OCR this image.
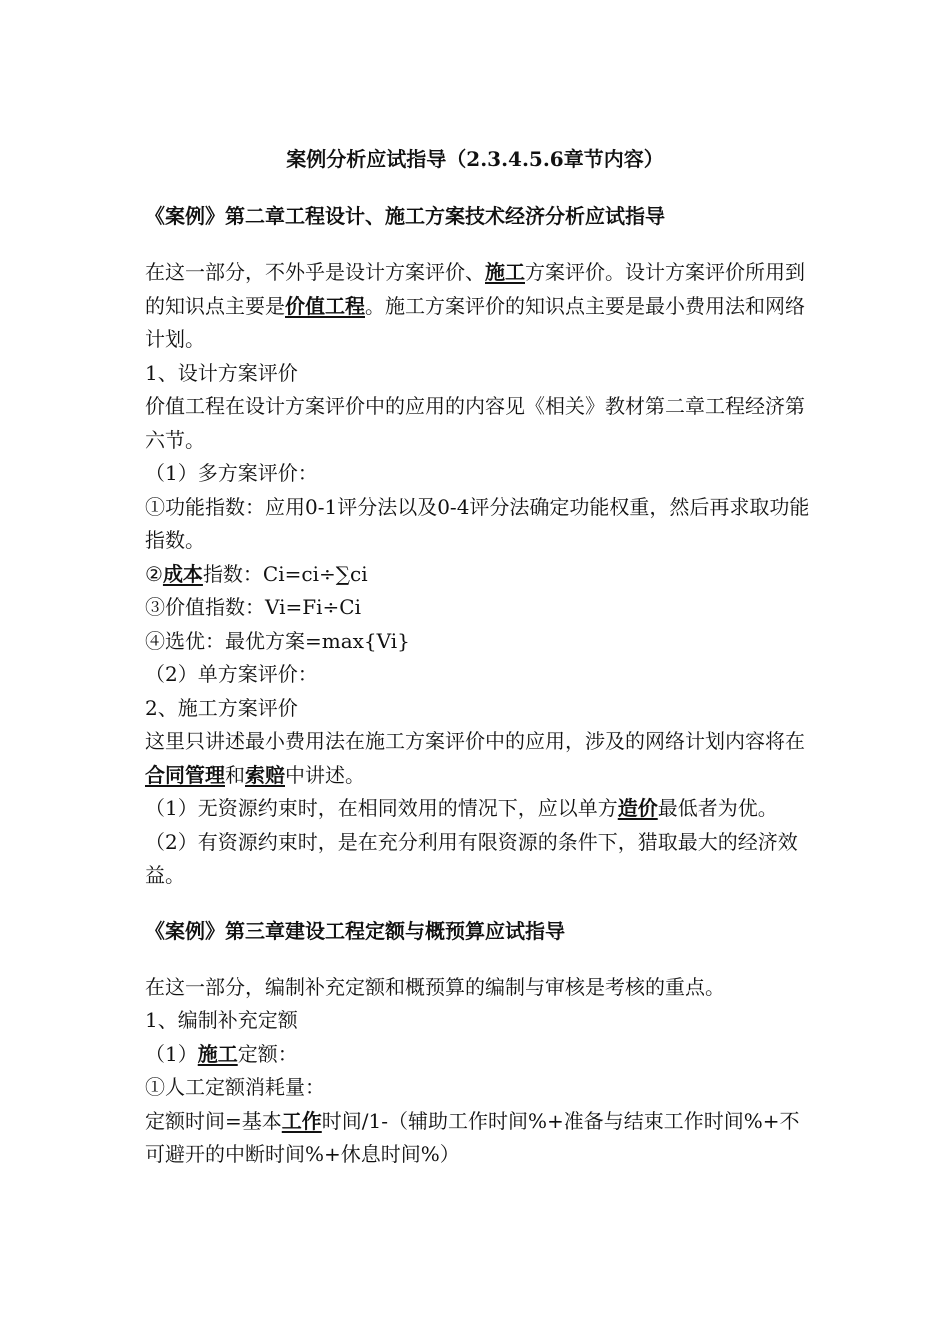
案例分析应试指导（2.3.4.5.6章节内容）
《案例》第二章工程设计、施工方案技术经济分析应试指导

在这一部分，不外乎是设计方案评价、施工方案评价。设计方案评价所用到的知识点主要是价值工程。施工方案评价的知识点主要是最小费用法和网络计划。

1、设计方案评价

价值工程在设计方案评价中的应用的内容见《相关》教材第二章工程经济第六节。

（1）多方案评价：

①功能指数：应用0-1评分法以及0-4评分法确定功能权重，然后再求取功能指数。

②成本指数：Ci=ci÷∑ci

③价值指数：Vi=Fi÷Ci

④选优：最优方案=max{Vi}

（2）单方案评价：

2、施工方案评价

这里只讲述最小费用法在施工方案评价中的应用，涉及的网络计划内容将在合同管理和索赔中讲述。

（1）无资源约束时，在相同效用的情况下，应以单方造价最低者为优。

（2）有资源约束时，是在充分利用有限资源的条件下，猎取最大的经济效益。

《案例》第三章建设工程定额与概预算应试指导

在这一部分，编制补充定额和概预算的编制与审核是考核的重点。

1、编制补充定额

（1）施工定额：

①人工定额消耗量：

定额时间=基本工作时间/1-（辅助工作时间%+准备与结束工作时间%+不可避开的中断时间%+休息时间%）
